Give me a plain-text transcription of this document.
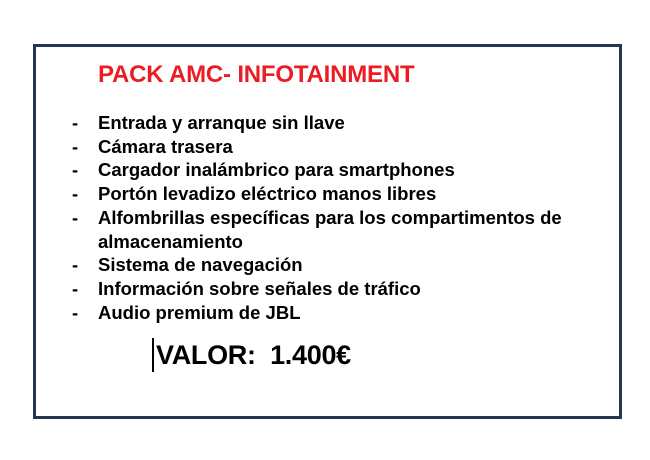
PACK AMC- INFOTAINMENT
-	Entrada y arranque sin llave
-	Cámara trasera
-	Cargador inalámbrico para smartphones
-	Portón levadizo eléctrico manos libres
-	Alfombrillas específicas para los compartimentos de almacenamiento
-	Sistema de navegación
-	Información sobre señales de tráfico
-	Audio premium de JBL
VALOR:  1.400€
